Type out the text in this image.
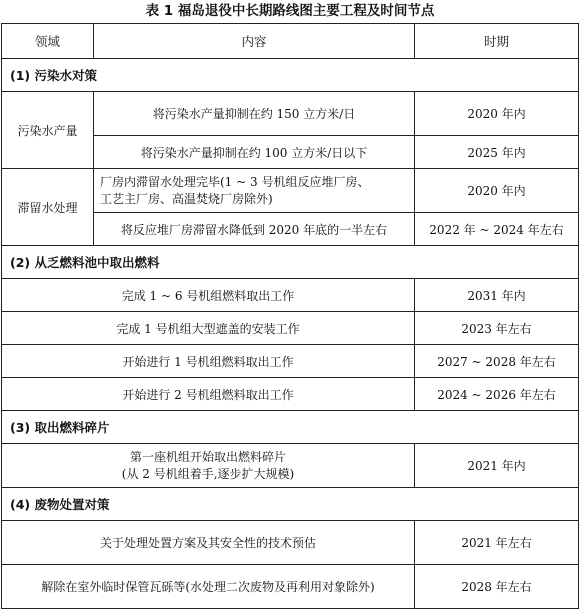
表 1 福岛退役中长期路线图主要工程及时间节点
领域	内容	时期
(1) 污染水对策		
污染水产量	将污染水产量抑制在约 150 立方米/日	2020 年内
	将污染水产量抑制在约 100 立方米/日以下	2025 年内
滞留水处理	厂房内滞留水处理完毕(1 ~ 3 号机组反应堆厂房、
工艺主厂房、高温焚烧厂房除外)	2020 年内
	将反应堆厂房滞留水降低到 2020 年底的一半左右	2022 年 ~ 2024 年左右
(2) 从乏燃料池中取出燃料		
完成 1 ~ 6 号机组燃料取出工作		2031 年内
完成 1 号机组大型遮盖的安装工作		2023 年左右
开始进行 1 号机组燃料取出工作		2027 ~ 2028 年左右
开始进行 2 号机组燃料取出工作		2024 ~ 2026 年左右
(3) 取出燃料碎片		

第一座机组开始取出燃料碎片
(从 2 号机组着手,逐步扩大规模)		2021 年内
(4) 废物处置对策		
关于处理处置方案及其安全性的技术预估		2021 年左右
解除在室外临时保管瓦砾等(水处理二次废物及再利用对象除外)		2028 年左右
